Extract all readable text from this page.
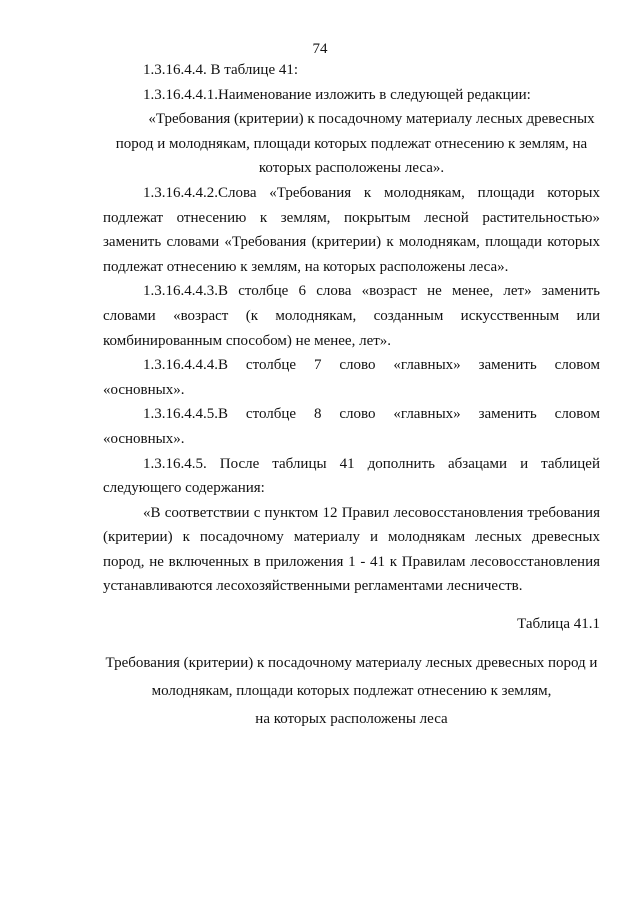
74

1.3.16.4.4. В таблице 41:

1.3.16.4.4.1.Наименование изложить в следующей редакции:

«Требования (критерии) к посадочному материалу лесных древесных пород и молоднякам, площади которых подлежат отнесению к землям, на которых расположены леса».

1.3.16.4.4.2.Слова «Требования к молоднякам, площади которых подлежат отнесению к землям, покрытым лесной растительностью» заменить словами «Требования (критерии) к молоднякам, площади которых подлежат отнесению к землям, на которых расположены леса».

1.3.16.4.4.3.В столбце 6 слова «возраст не менее, лет» заменить словами «возраст (к молоднякам, созданным искусственным или комбинированным способом) не менее, лет».

1.3.16.4.4.4.В столбце 7 слово «главных» заменить словом «основных».

1.3.16.4.4.5.В столбце 8 слово «главных» заменить словом «основных».

1.3.16.4.5. После таблицы 41 дополнить абзацами и таблицей следующего содержания:

«В соответствии с пунктом 12 Правил лесовосстановления требования (критерии) к посадочному материалу и молоднякам лесных древесных пород, не включенных в приложения 1 - 41 к Правилам лесовосстановления устанавливаются лесохозяйственными регламентами лесничеств.

Таблица 41.1

Требования (критерии) к посадочному материалу лесных древесных пород и
молоднякам, площади которых подлежат отнесению к землям,
на которых расположены леса
